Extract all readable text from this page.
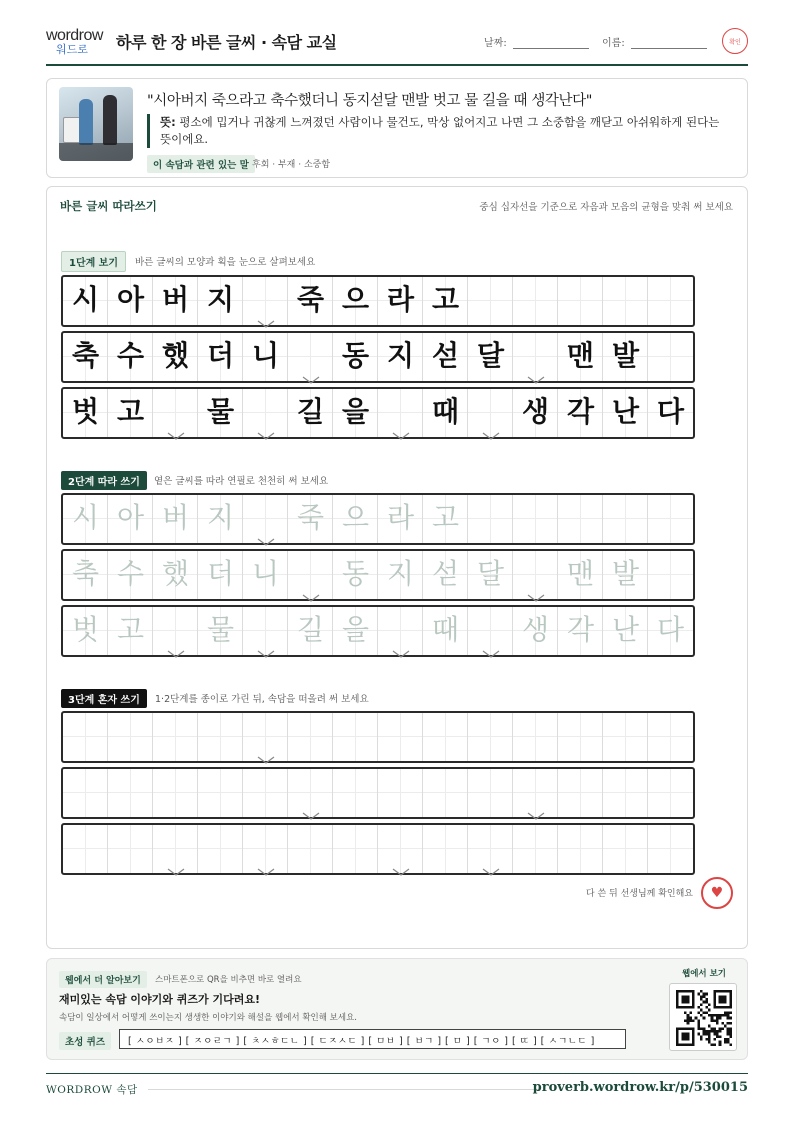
wordrow
워드로	하루 한 장 바른 글씨 · 속담 교실	날짜:	이름:	확인
"시아버지 죽으라고 축수했더니 동지섣달 맨발 벗고 물 길을 때 생각난다"
뜻: 평소에 밉거나 귀찮게 느껴졌던 사람이나 물건도, 막상 없어지고 나면 그 소중함을 깨닫고 아쉬워하게 된다는 뜻이에요.
이 속담과 관련 있는 말 후회 · 부재 · 소중함
바른 글씨 따라쓰기	중심 십자선을 기준으로 자음과 모음의 균형을 맞춰 써 보세요
1단계 보기	바른 글씨의 모양과 획을 눈으로 살펴보세요
2단계 따라 쓰기	옅은 글씨를 따라 연필로 천천히 써 보세요
3단계 혼자 쓰기	1·2단계를 종이로 가린 뒤, 속담을 떠올려 써 보세요
시 아 버 지	죽 으 라 고
축 수 했 더 니	동 지 섣 달	맨 발
벗 고	물	길 을	때	생 각 난 다
시 아 버 지	죽 으 라 고
축 수 했 더 니	동 지 섣 달	맨 발
벗 고	물	길 을	때	생 각 난 다
다 쓴 뒤 선생님께 확인해요 ♥
웹에서 더 알아보기	스마트폰으로 QR을 비추면 바로 열려요
재미있는 속담 이야기와 퀴즈가 기다려요!
속담이 일상에서 어떻게 쓰이는지 생생한 이야기와 해설을 웹에서 확인해 보세요.
초성 퀴즈	[ ㅅㅇㅂㅈ ] [ ㅈㅇㄹㄱ ] [ ㅊㅅㅎㄷㄴ ] [ ㄷㅈㅅㄷ ] [ ㅁㅂ ] [ ㅂㄱ ] [ ㅁ ] [ ㄱㅇ ] [ ㄸ ] [ ㅅㄱㄴㄷ ]
웹에서 보기
WORDROW 속담	proverb.wordrow.kr/p/530015
